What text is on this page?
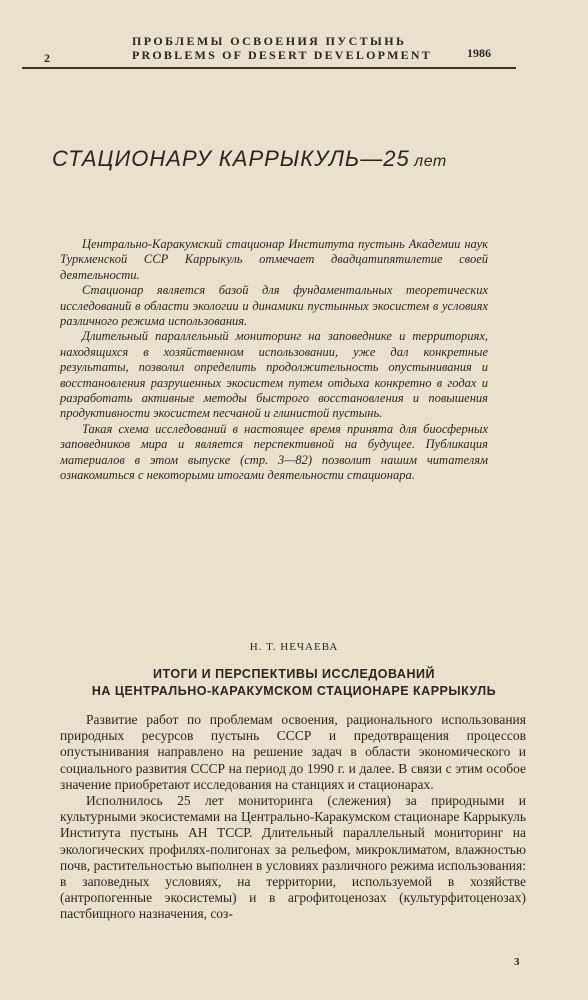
2
ПРОБЛЕМЫ ОСВОЕНИЯ ПУСТЫНЬ
PROBLEMS OF DESERT DEVELOPMENT	1986
СТАЦИОНАРУ КАРРЫКУЛЬ—25 лет

Центрально-Каракумский стационар Института пустынь Академии наук Туркменской ССР Каррыкуль отмечает двадцатипятилетие своей деятельности.

Стационар является базой для фундаментальных теоретических исследований в области экологии и динамики пустынных экосистем в условиях различного режима использования.

Длительный параллельный мониторинг на заповеднике и территориях, находящихся в хозяйственном использовании, уже дал конкретные результаты, позволил определить продолжительность опустынивания и восстановления разрушенных экосистем путем отдыха конкретно в годах и разработать активные методы быстрого восстановления и повышения продуктивности экосистем песчаной и глинистой пустынь.

Такая схема исследований в настоящее время принята для биосферных заповедников мира и является перспективной на будущее. Публикация материалов в этом выпуске (стр. 3—82) позволит нашим читателям ознакомиться с некоторыми итогами деятельности стационара.

Н. Т. НЕЧАЕВА
ИТОГИ И ПЕРСПЕКТИВЫ ИССЛЕДОВАНИЙ
НА ЦЕНТРАЛЬНО-КАРАКУМСКОМ СТАЦИОНАРЕ КАРРЫКУЛЬ

Развитие работ по проблемам освоения, рационального использования природных ресурсов пустынь СССР и предотвращения процессов опустынивания направлено на решение задач в области экономического и социального развития СССР на период до 1990 г. и далее. В связи с этим особое значение приобретают исследования на станциях и стационарах.

Исполнилось 25 лет мониторинга (слежения) за природными и культурными экосистемами на Центрально-Каракумском стационаре Каррыкуль Института пустынь АН ТССР. Длительный параллельный мониторинг на экологических профилях-полигонах за рельефом, микроклиматом, влажностью почв, растительностью выполнен в условиях различного режима использования: в заповедных условиях, на территории, используемой в хозяйстве (антропогенные экосистемы) и в агрофитоценозах (культурфитоценозах) пастбищного назначения, соз-

3
